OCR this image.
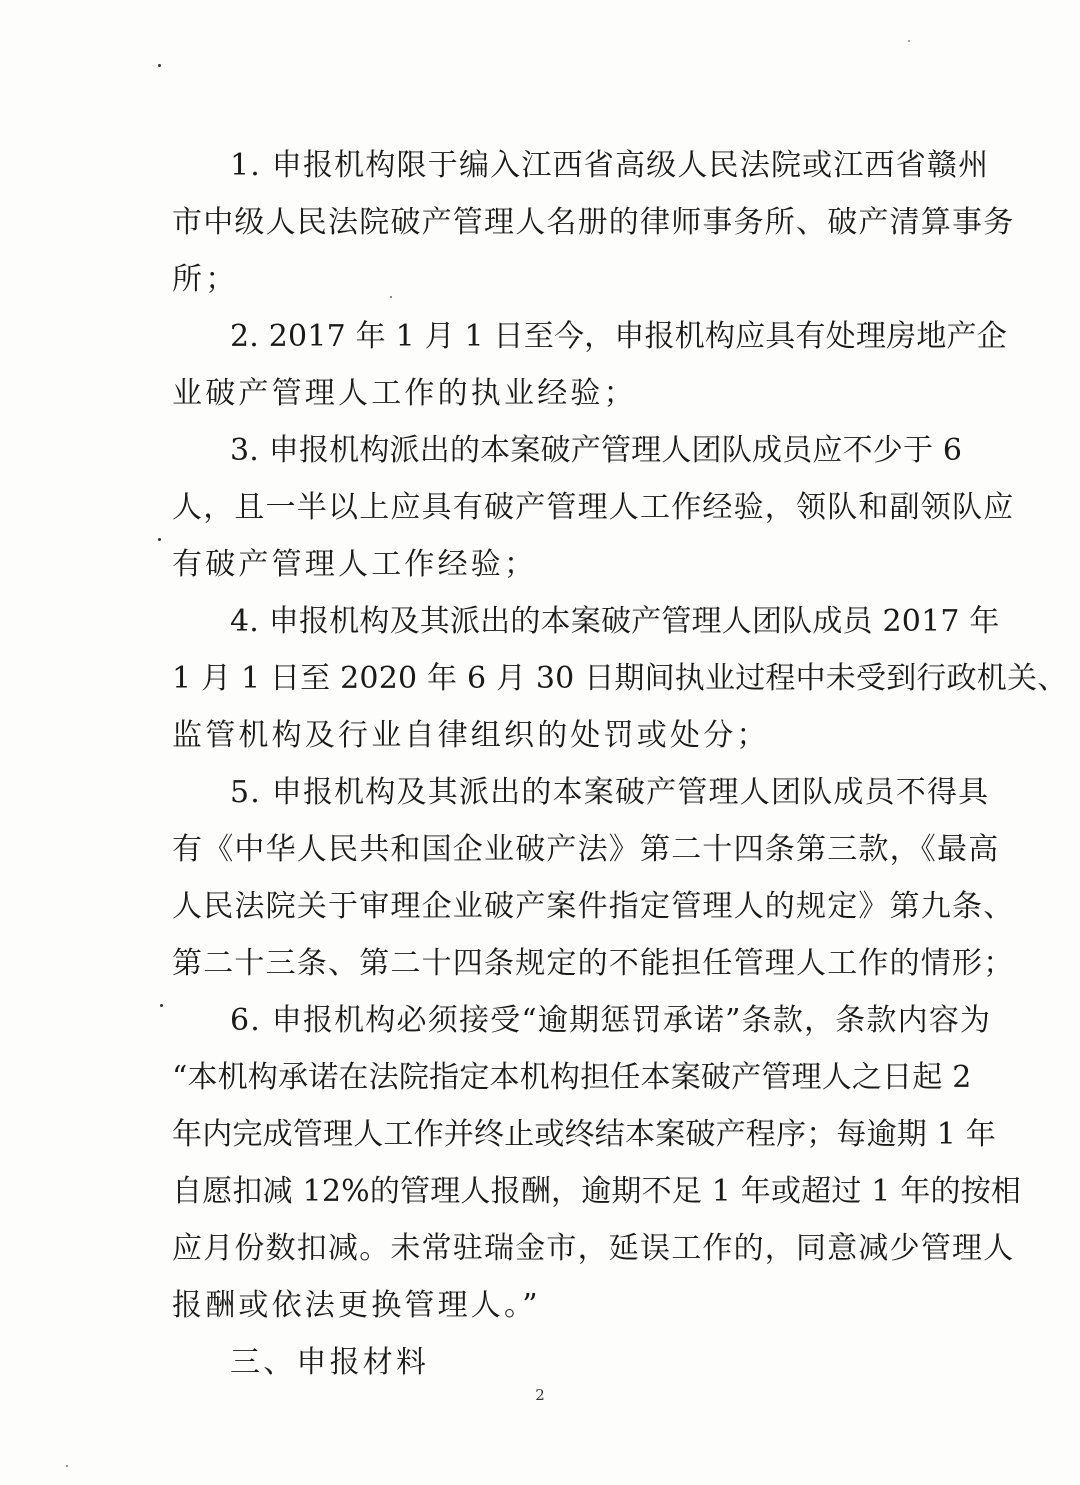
1. 申报机构限于编入江西省高级人民法院或江西省赣州
市中级人民法院破产管理人名册的律师事务所、破产清算事务
所；
2. 2017 年 1 月 1 日至今，申报机构应具有处理房地产企
业破产管理人工作的执业经验；
3. 申报机构派出的本案破产管理人团队成员应不少于 6
人，且一半以上应具有破产管理人工作经验，领队和副领队应
有破产管理人工作经验；
4. 申报机构及其派出的本案破产管理人团队成员 2017 年
1 月 1 日至 2020 年 6 月 30 日期间执业过程中未受到行政机关、
监管机构及行业自律组织的处罚或处分；
5. 申报机构及其派出的本案破产管理人团队成员不得具
有《中华人民共和国企业破产法》第二十四条第三款，《最高
人民法院关于审理企业破产案件指定管理人的规定》第九条、
第二十三条、第二十四条规定的不能担任管理人工作的情形；
6. 申报机构必须接受“逾期惩罚承诺”条款，条款内容为
“本机构承诺在法院指定本机构担任本案破产管理人之日起 2
年内完成管理人工作并终止或终结本案破产程序；每逾期 1 年
自愿扣减 12%的管理人报酬，逾期不足 1 年或超过 1 年的按相
应月份数扣减。未常驻瑞金市，延误工作的，同意减少管理人
报酬或依法更换管理人。”
三、申报材料
2
